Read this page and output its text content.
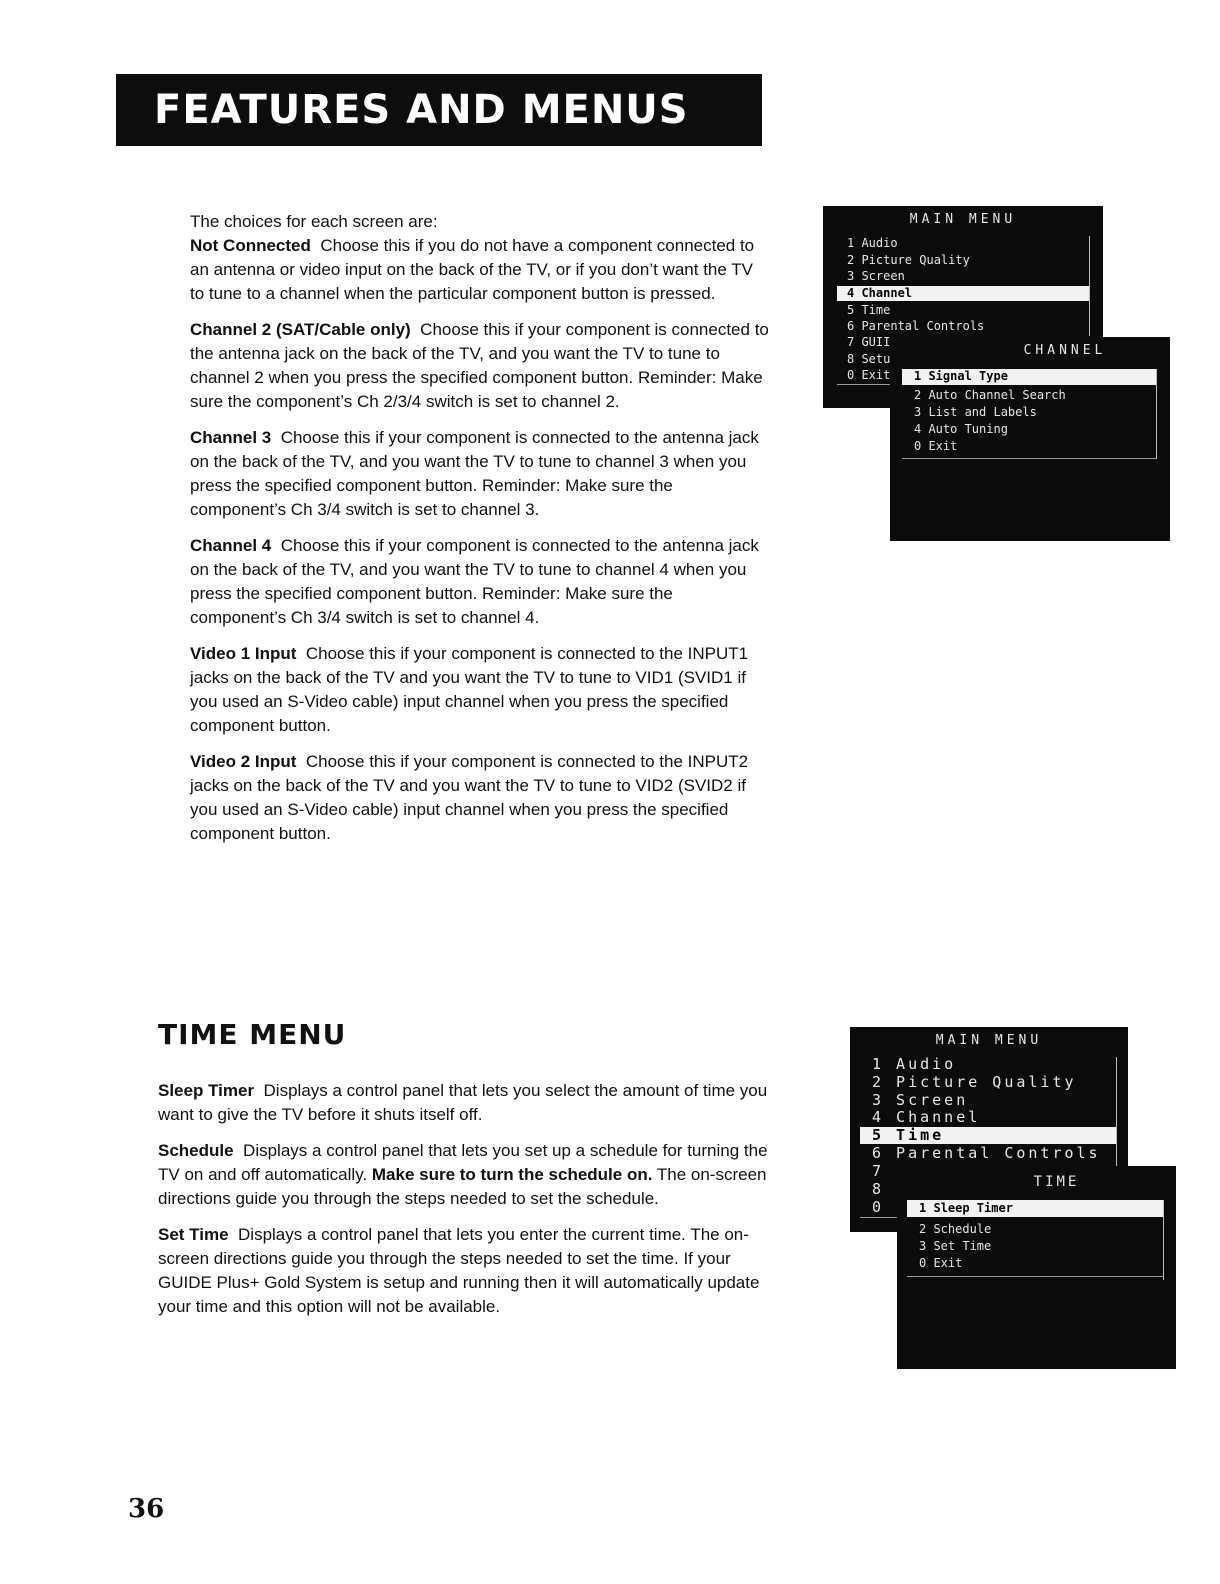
FEATURES AND MENUS

The choices for each screen are:

Not Connected Choose this if you do not have a component connected to an antenna or video input on the back of the TV, or if you don’t want the TV to tune to a channel when the particular component button is pressed.

Channel 2 (SAT/Cable only) Choose this if your component is connected to the antenna jack on the back of the TV, and you want the TV to tune to channel 2 when you press the specified component button. Reminder: Make sure the component’s Ch 2/3/4 switch is set to channel 2.

Channel 3 Choose this if your component is connected to the antenna jack on the back of the TV, and you want the TV to tune to channel 3 when you press the specified component button. Reminder: Make sure the component’s Ch 3/4 switch is set to channel 3.

Channel 4 Choose this if your component is connected to the antenna jack on the back of the TV, and you want the TV to tune to channel 4 when you press the specified component button. Reminder: Make sure the component’s Ch 3/4 switch is set to channel 4.

Video 1 Input Choose this if your component is connected to the INPUT1 jacks on the back of the TV and you want the TV to tune to VID1 (SVID1 if you used an S-Video cable) input channel when you press the specified component button.

Video 2 Input Choose this if your component is connected to the INPUT2 jacks on the back of the TV and you want the TV to tune to VID2 (SVID2 if you used an S-Video cable) input channel when you press the specified component button.

MAIN MENU
1 Audio
2 Picture Quality
3 Screen
4 Channel
5 Time
6 Parental Controls
7 GUII
8 Setu
0 Exit
CHANNEL
1 Signal Type
2 Auto Channel Search
3 List and Labels
4 Auto Tuning
0 Exit
TIME MENU

Sleep Timer Displays a control panel that lets you select the amount of time you want to give the TV before it shuts itself off.

Schedule Displays a control panel that lets you set up a schedule for turning the TV on and off automatically. Make sure to turn the schedule on. The on-screen directions guide you through the steps needed to set the schedule.

Set Time Displays a control panel that lets you enter the current time. The on-screen directions guide you through the steps needed to set the time. If your GUIDE Plus+ Gold System is setup and running then it will automatically update your time and this option will not be available.

MAIN MENU
1 Audio
2 Picture Quality
3 Screen
4 Channel
5 Time
6 Parental Controls
7
8
0
TIME
1 Sleep Timer
2 Schedule
3 Set Time
0 Exit
36
